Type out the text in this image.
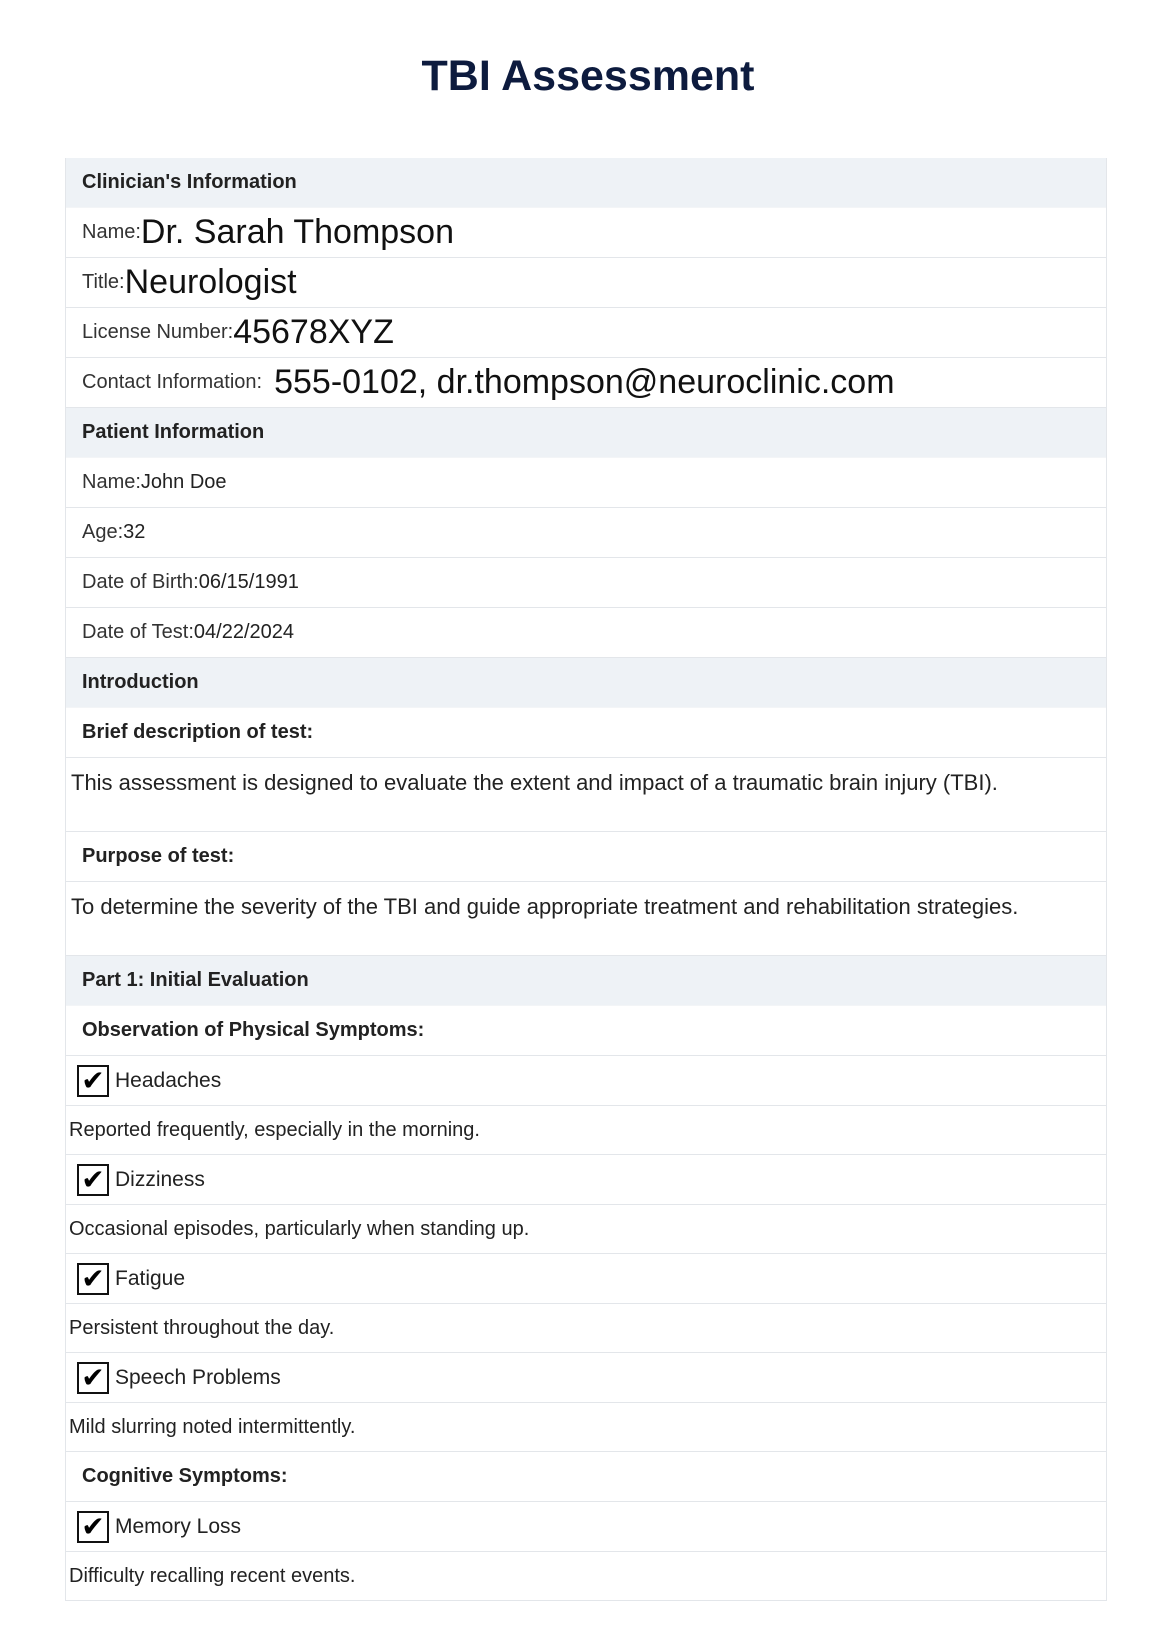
TBI Assessment
Clinician's Information
Name: Dr. Sarah Thompson
Title: Neurologist
License Number: 45678XYZ
Contact Information: 555-0102, dr.thompson@neuroclinic.com
Patient Information
Name: John Doe
Age: 32
Date of Birth: 06/15/1991
Date of Test: 04/22/2024
Introduction
Brief description of test:
This assessment is designed to evaluate the extent and impact of a traumatic brain injury (TBI).
Purpose of test:
To determine the severity of the TBI and guide appropriate treatment and rehabilitation strategies.
Part 1: Initial Evaluation
Observation of Physical Symptoms:
✔ Headaches
Reported frequently, especially in the morning.
✔ Dizziness
Occasional episodes, particularly when standing up.
✔ Fatigue
Persistent throughout the day.
✔ Speech Problems
Mild slurring noted intermittently.
Cognitive Symptoms:
✔ Memory Loss
Difficulty recalling recent events.
